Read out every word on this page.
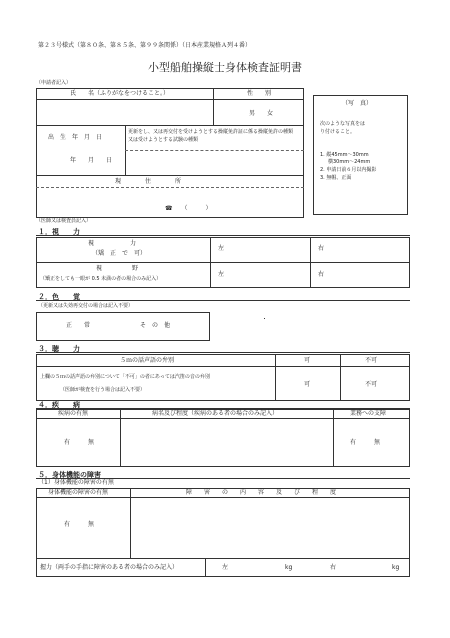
第２３号様式（第８０条、第８５条、第９９条関係）（日本産業規格Ａ列４番）
小型船舶操縦士身体検査証明書
（申請者記入）
氏　　名（ふりがなをつけること。）	性　　別
男　　女
出　生　年　月　日
更新をし、又は再交付を受けようとする操縦免許証に係る操縦免許の種類
又は受けようとする試験の種類
年　　月　　日
現　　　　住　　　　所
☎　　（　　　）
（写　真）
次のような写真をは
り付けること。
1. 縦45mm～30mm
横30mm～24mm
2. 申請日前６月以内撮影
3. 無帽、正面
（医師又は検査員記入）
１．視　　力
視　　　　　　力
（矯　正　で　可）
左	右
視　　　　　野
（矯正をしても一眼が 0.5 未満の者の場合のみ記入）
左	右
２．色　　覚
（更新又は失効再交付の場合は記入不要）
正　　常	そ　の　他
３．聴　　力
５ｍの話声語の弁別	可	不可
上欄の５ｍの話声語の弁別について「不可」の者にあっては汽笛の音の弁別
（医師が検査を行う場合は記入不要）
可	不可
４．疾　　病
疾病の有無	病名及び程度（疾病のある者の場合のみ記入）	業務への支障
有　　　無	有　　　無
５．身体機能の障害
（1）身体機能の障害の有無
身体機能の障害の有無	障　　害　　の　　内　　容　　及　　び　　程　　度
有　　　無
握力（両手の手指に障害のある者の場合のみ記入）	左	kg	右	kg
